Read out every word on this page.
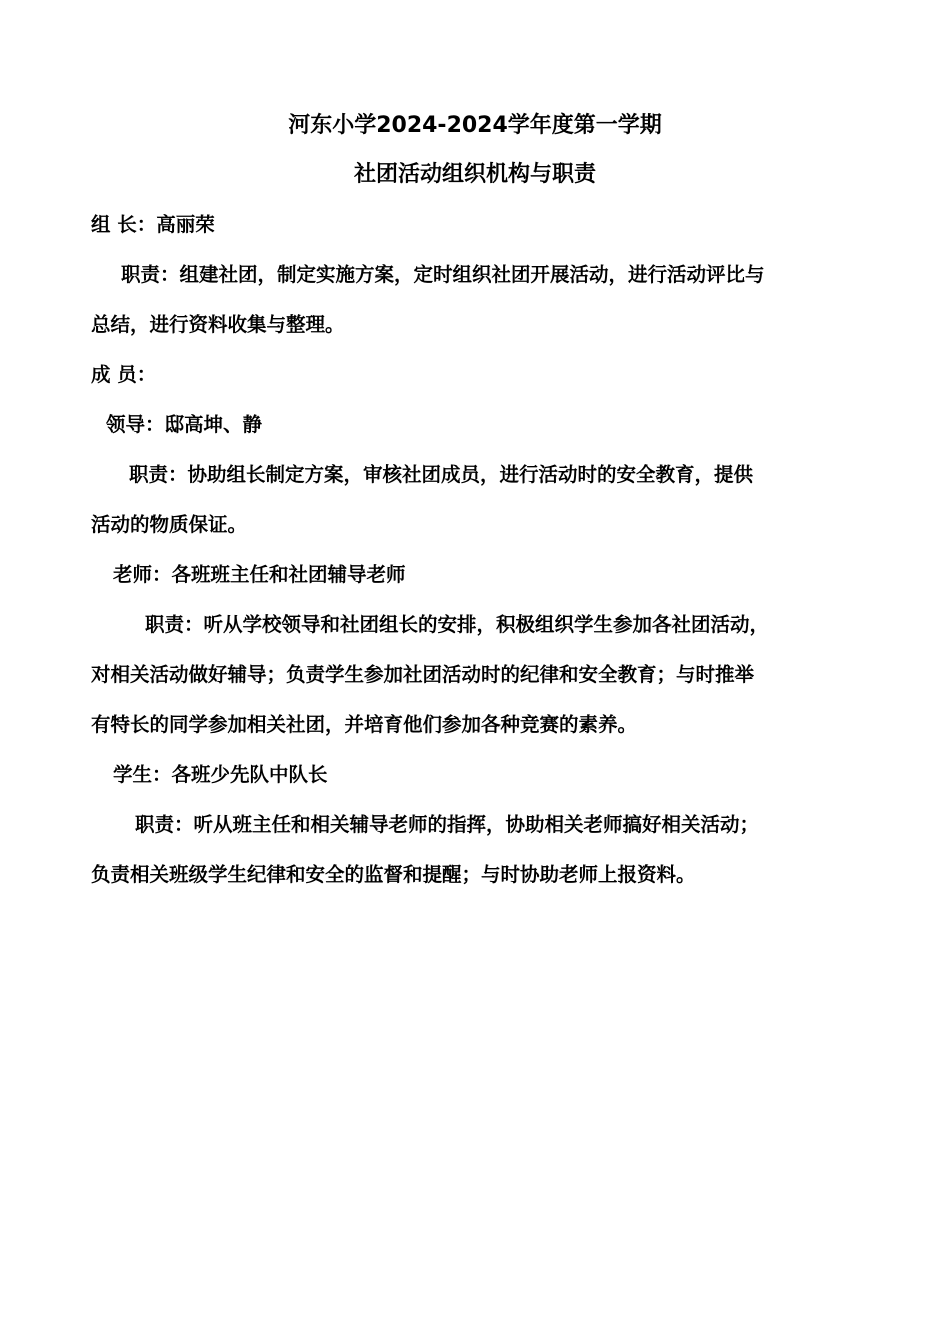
河东小学2024-2024学年度第一学期
社团活动组织机构与职责
组 长：高丽荣
职责：组建社团，制定实施方案，定时组织社团开展活动，进行活动评比与
总结，进行资料收集与整理。
成 员：
领导：邸高坤、静
职责：协助组长制定方案，审核社团成员，进行活动时的安全教育，提供
活动的物质保证。
老师：各班班主任和社团辅导老师
职责：听从学校领导和社团组长的安排，积极组织学生参加各社团活动，
对相关活动做好辅导；负责学生参加社团活动时的纪律和安全教育；与时推举
有特长的同学参加相关社团，并培育他们参加各种竞赛的素养。
学生：各班少先队中队长
职责：听从班主任和相关辅导老师的指挥，协助相关老师搞好相关活动；
负责相关班级学生纪律和安全的监督和提醒；与时协助老师上报资料。
